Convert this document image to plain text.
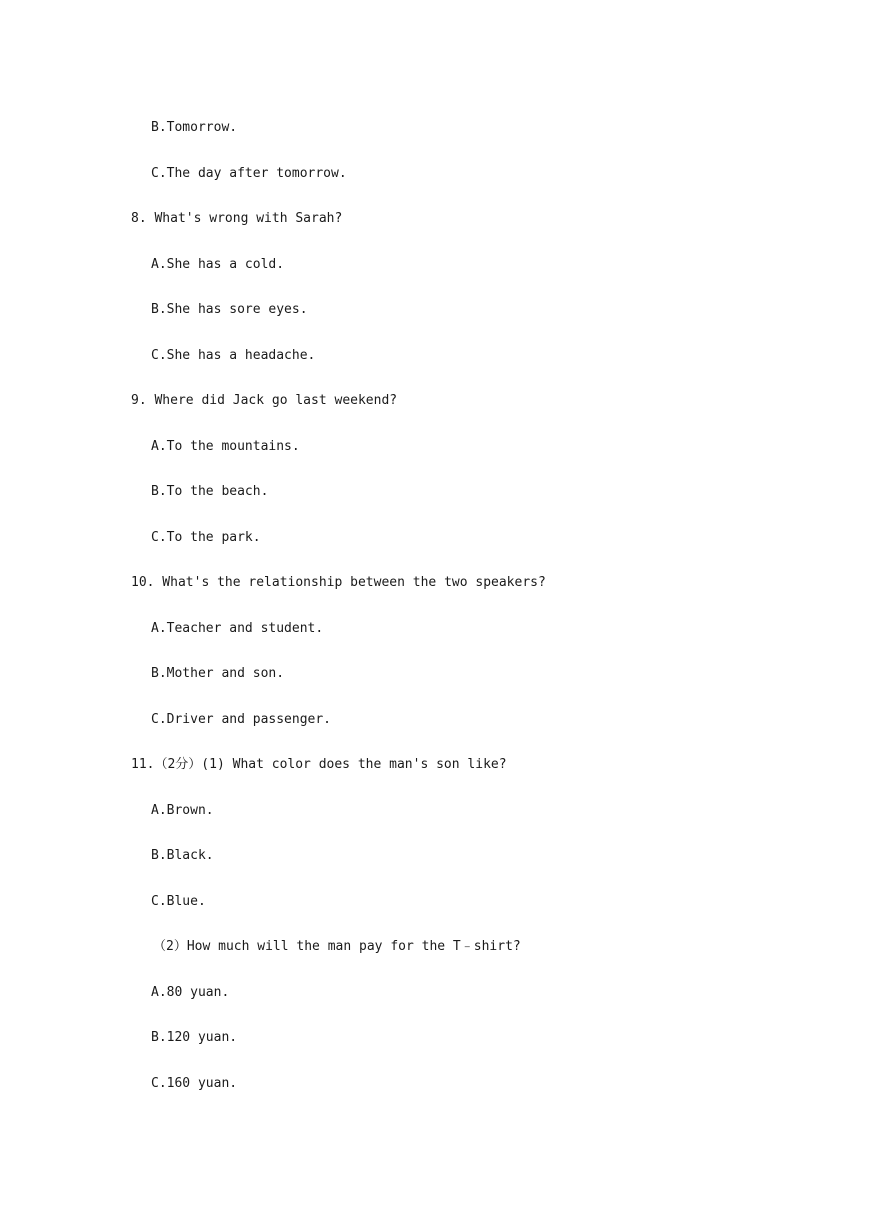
B.Tomorrow.
C.The day after tomorrow.
8. What's wrong with Sarah?
A.She has a cold.
B.She has sore eyes.
C.She has a headache.
9. Where did Jack go last weekend?
A.To the mountains.
B.To the beach.
C.To the park.
10. What's the relationship between the two speakers?
A.Teacher and student.
B.Mother and son.
C.Driver and passenger.
11.（2分）(1) What color does the man's son like?
A.Brown.
B.Black.
C.Blue.
（2）How much will the man pay for the T﹣shirt?
A.80 yuan.
B.120 yuan.
C.160 yuan.
